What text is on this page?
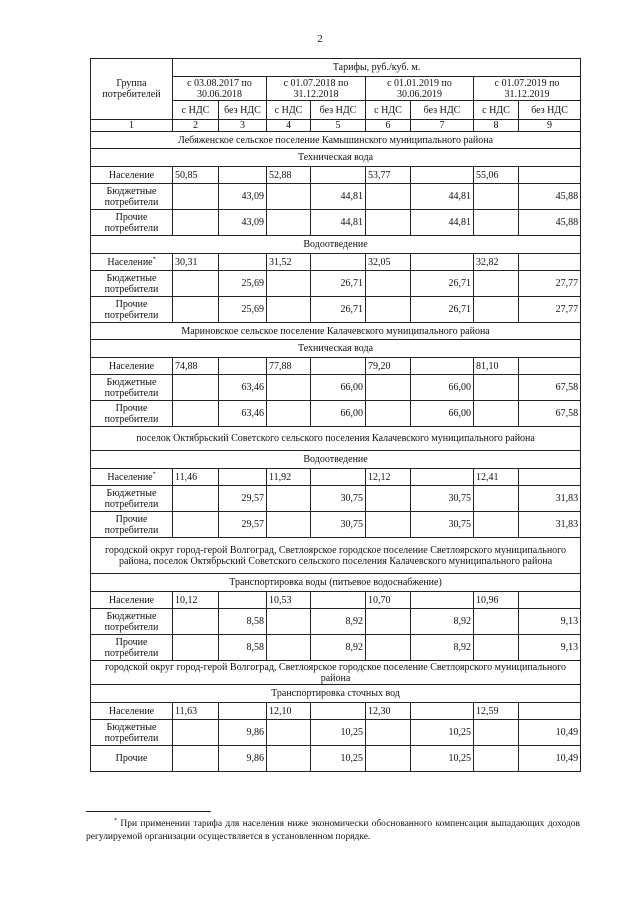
2
Группа потребителей	Тарифы, руб./куб. м.							
	с 03.08.2017 по 30.06.2018		с 01.07.2018 по 31.12.2018		с 01.01.2019 по 30.06.2019		с 01.07.2019 по 31.12.2019	
	с НДС	без НДС	с НДС	без НДС	с НДС	без НДС	с НДС	без НДС
1	2	3	4	5	6	7	8	9
Лебяженское сельское поселение Камышинского муниципального района								
Техническая вода								
Население	50,85		52,88		53,77		55,06	
Бюджетные потребители		43,09		44,81		44,81		45,88
Прочие потребители		43,09		44,81		44,81		45,88
Водоотведение								
Население*	30,31		31,52		32,05		32,82	
Бюджетные потребители		25,69		26,71		26,71		27,77
Прочие потребители		25,69		26,71		26,71		27,77
Мариновское сельское поселение Калачевского муниципального района								
Техническая вода								
Население	74,88		77,88		79,20		81,10	
Бюджетные потребители		63,46		66,00		66,00		67,58
Прочие потребители		63,46		66,00		66,00		67,58
поселок Октябрьский Советского сельского поселения Калачевского муниципального района								
Водоотведение								
Население*	11,46		11,92		12,12		12,41	
Бюджетные потребители		29,57		30,75		30,75		31,83
Прочие потребители		29,57		30,75		30,75		31,83
городской округ город-герой Волгоград, Светлоярское городское поселение Светлоярского муниципального района, поселок Октябрьский Советского сельского поселения Калачевского муниципального района								
Транспортировка воды (питьевое водоснабжение)								
Население	10,12		10,53		10,70		10,96	
Бюджетные потребители		8,58		8,92		8,92		9,13
Прочие потребители		8,58		8,92		8,92		9,13
городской округ город-герой Волгоград, Светлоярское городское поселение Светлоярского муниципального района								
Транспортировка сточных вод								
Население	11,63		12,10		12,30		12,59	
Бюджетные потребители		9,86		10,25		10,25		10,49
Прочие		9,86		10,25		10,25		10,49
* При применении тарифа для населения ниже экономически обоснованного компенсация выпадающих доходов регулируемой организации осуществляется в установленном порядке.
